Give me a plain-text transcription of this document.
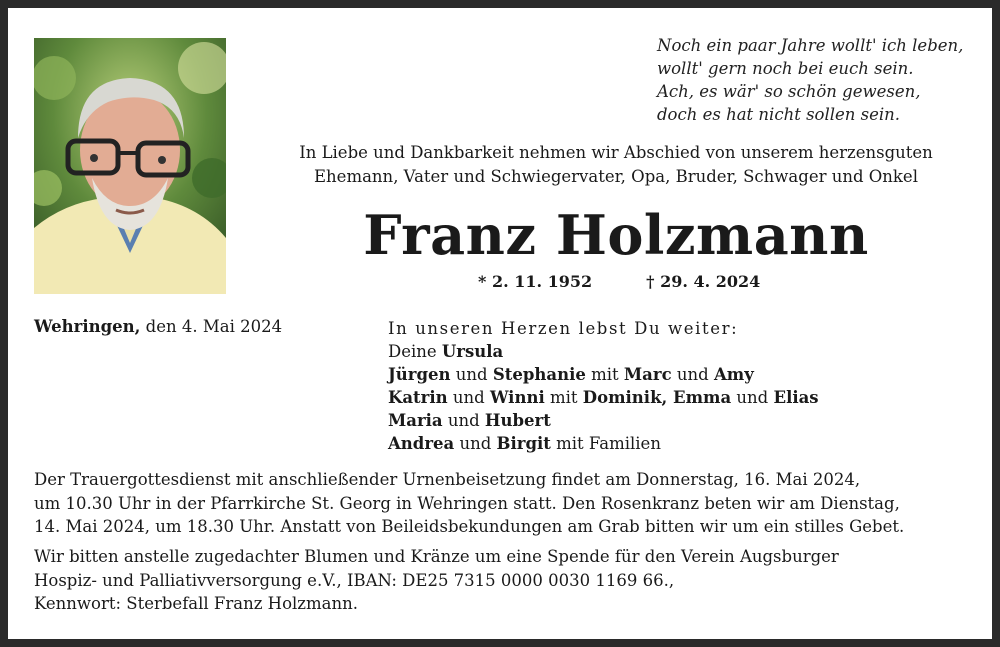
Noch ein paar Jahre wollt' ich leben,
wollt' gern noch bei euch sein.
Ach, es wär' so schön gewesen,
doch es hat nicht sollen sein.
In Liebe und Dankbarkeit nehmen wir Abschied von unserem herzensguten
Ehemann, Vater und Schwiegervater, Opa, Bruder, Schwager und Onkel
Franz Holzmann
* 2. 11. 1952	† 29. 4. 2024
Wehringen, den 4. Mai 2024	In unseren Herzen lebst Du weiter:
Deine Ursula
Jürgen und Stephanie mit Marc und Amy
Katrin und Winni mit Dominik, Emma und Elias
Maria und Hubert
Andrea und Birgit mit Familien
Der Trauergottesdienst mit anschließender Urnenbeisetzung findet am Donnerstag, 16. Mai 2024,
um 10.30 Uhr in der Pfarrkirche St. Georg in Wehringen statt. Den Rosenkranz beten wir am Dienstag,
14. Mai 2024, um 18.30 Uhr. Anstatt von Beileidsbekundungen am Grab bitten wir um ein stilles Gebet.
Wir bitten anstelle zugedachter Blumen und Kränze um eine Spende für den Verein Augsburger
Hospiz- und Palliativversorgung e.V., IBAN: DE25 7315 0000 0030 1169 66.,
Kennwort: Sterbefall Franz Holzmann.
